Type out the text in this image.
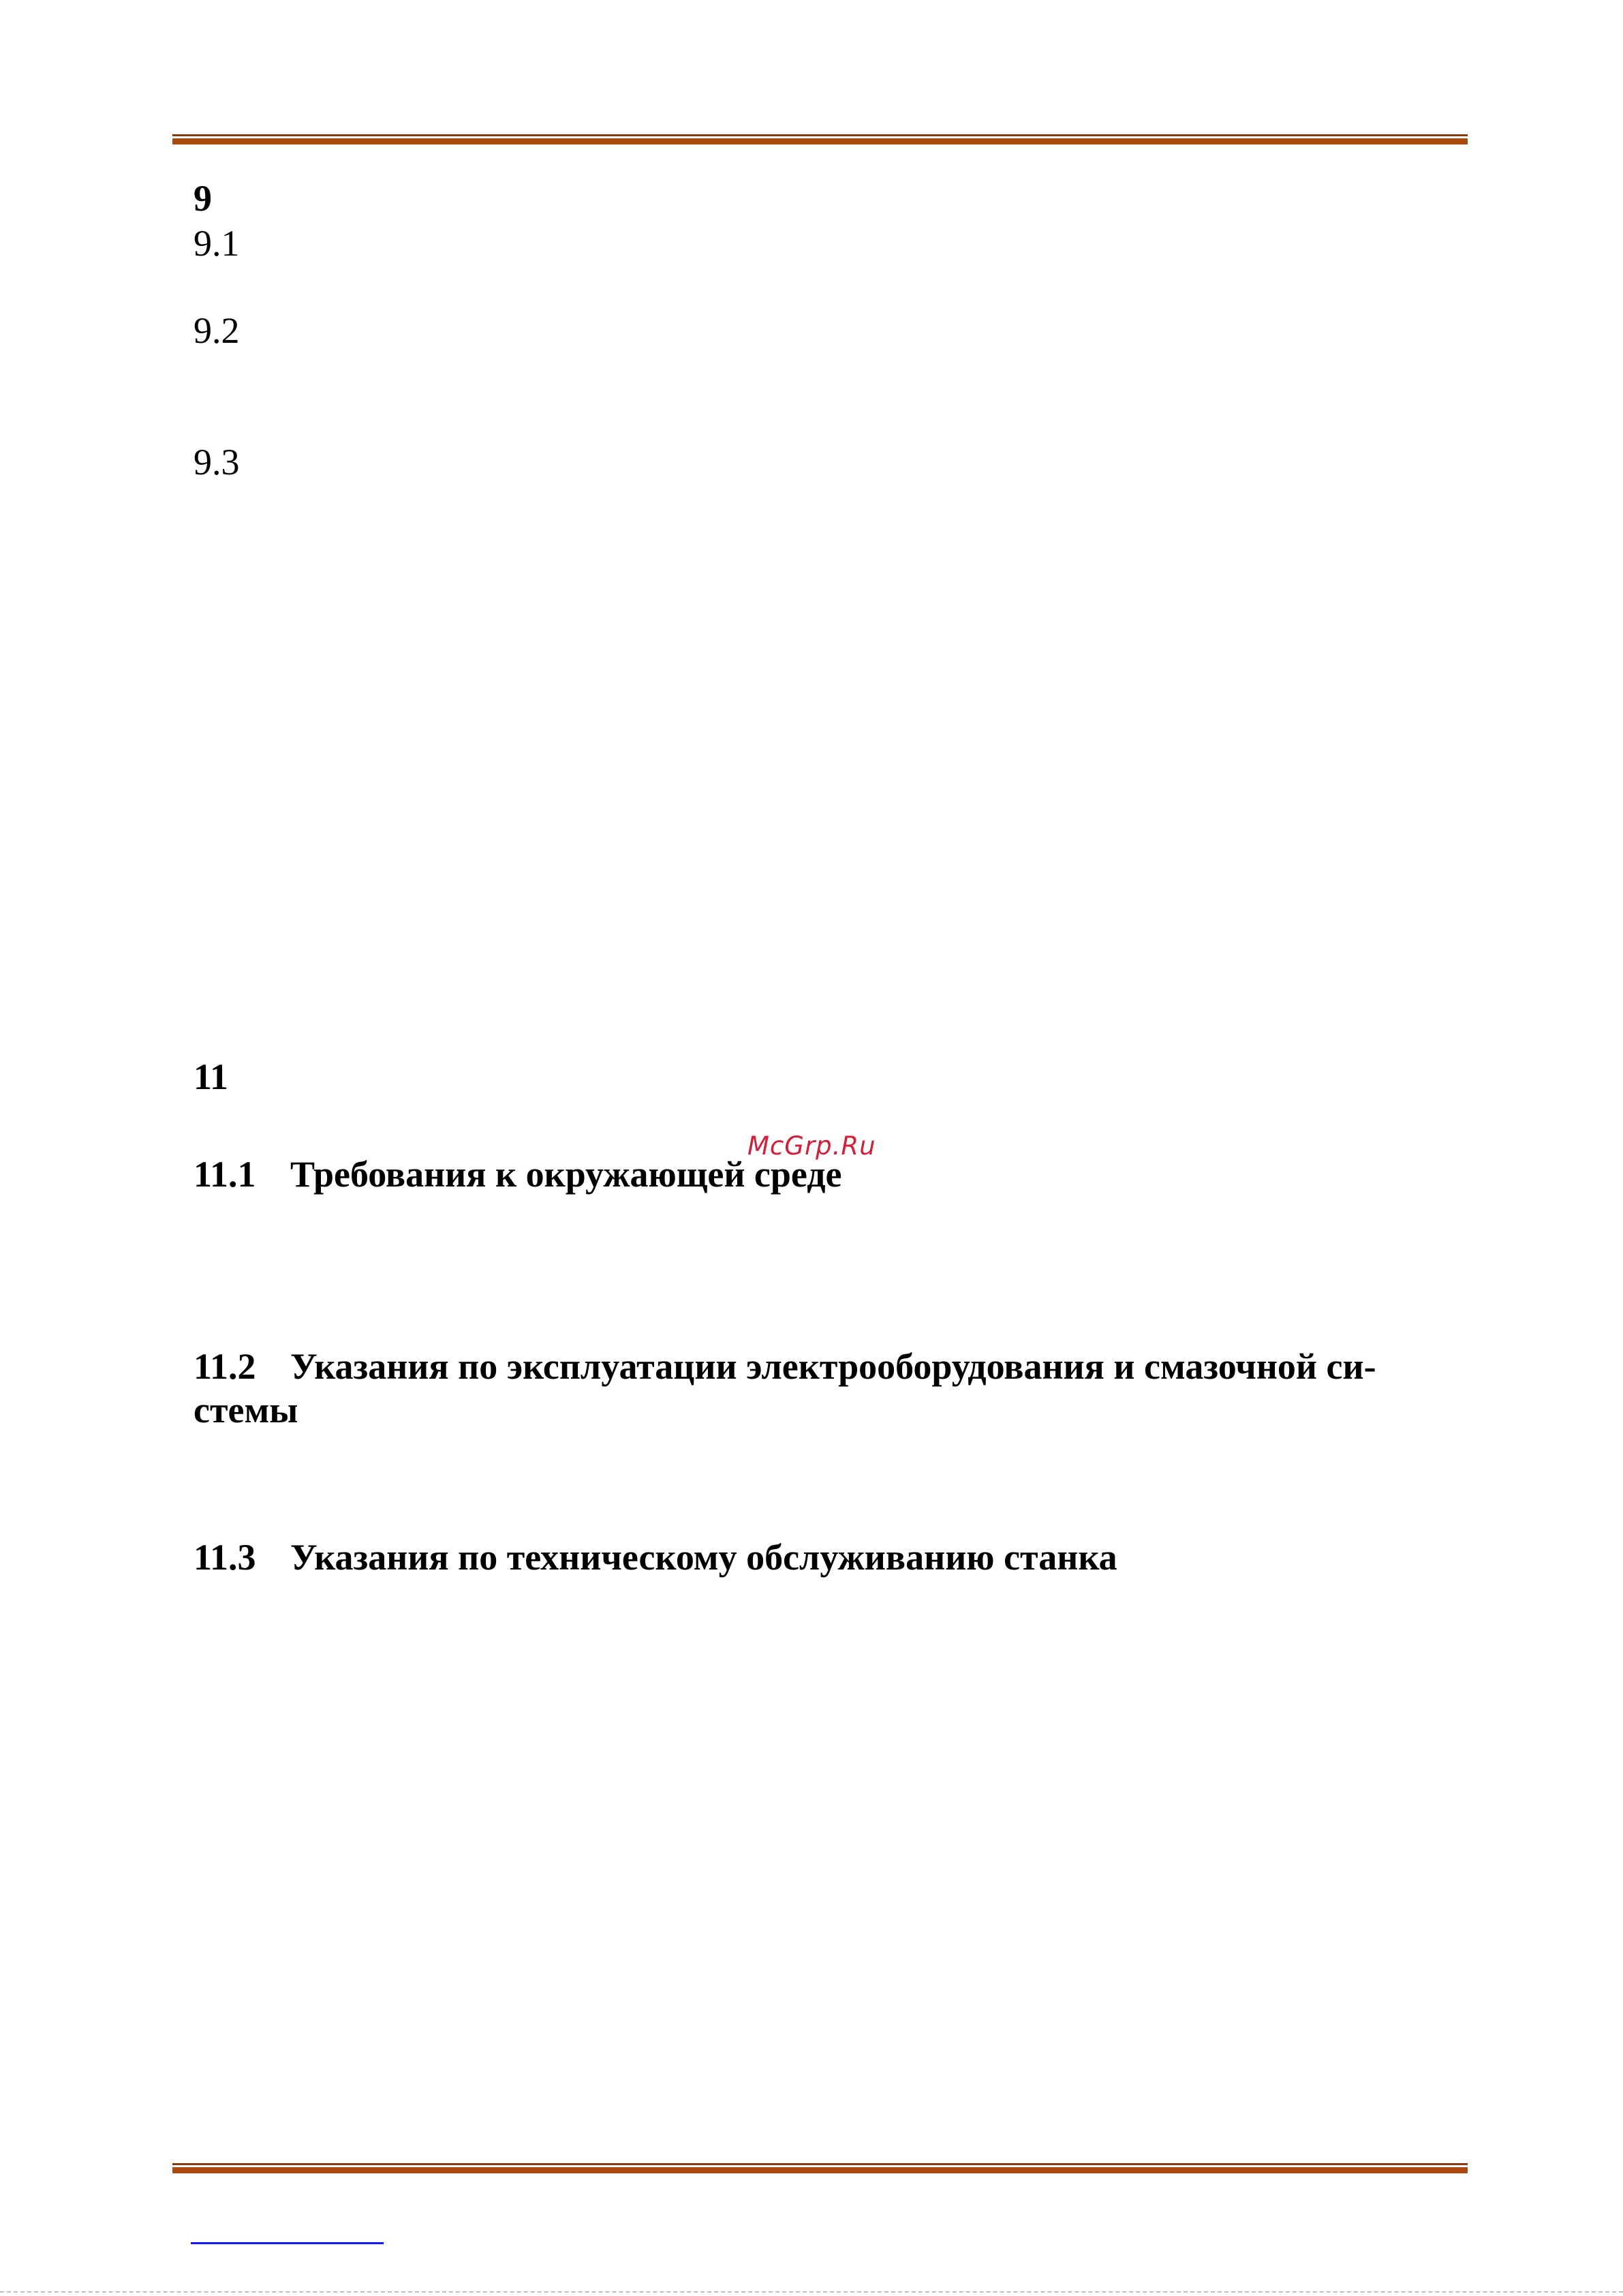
9
9.1
9.2
9.3
11
McGrp.Ru
11.1 Требования к окружающей среде
11.2 Указания по эксплуатации электрооборудования и смазочной си-
стемы
11.3 Указания по техническому обслуживанию станка
